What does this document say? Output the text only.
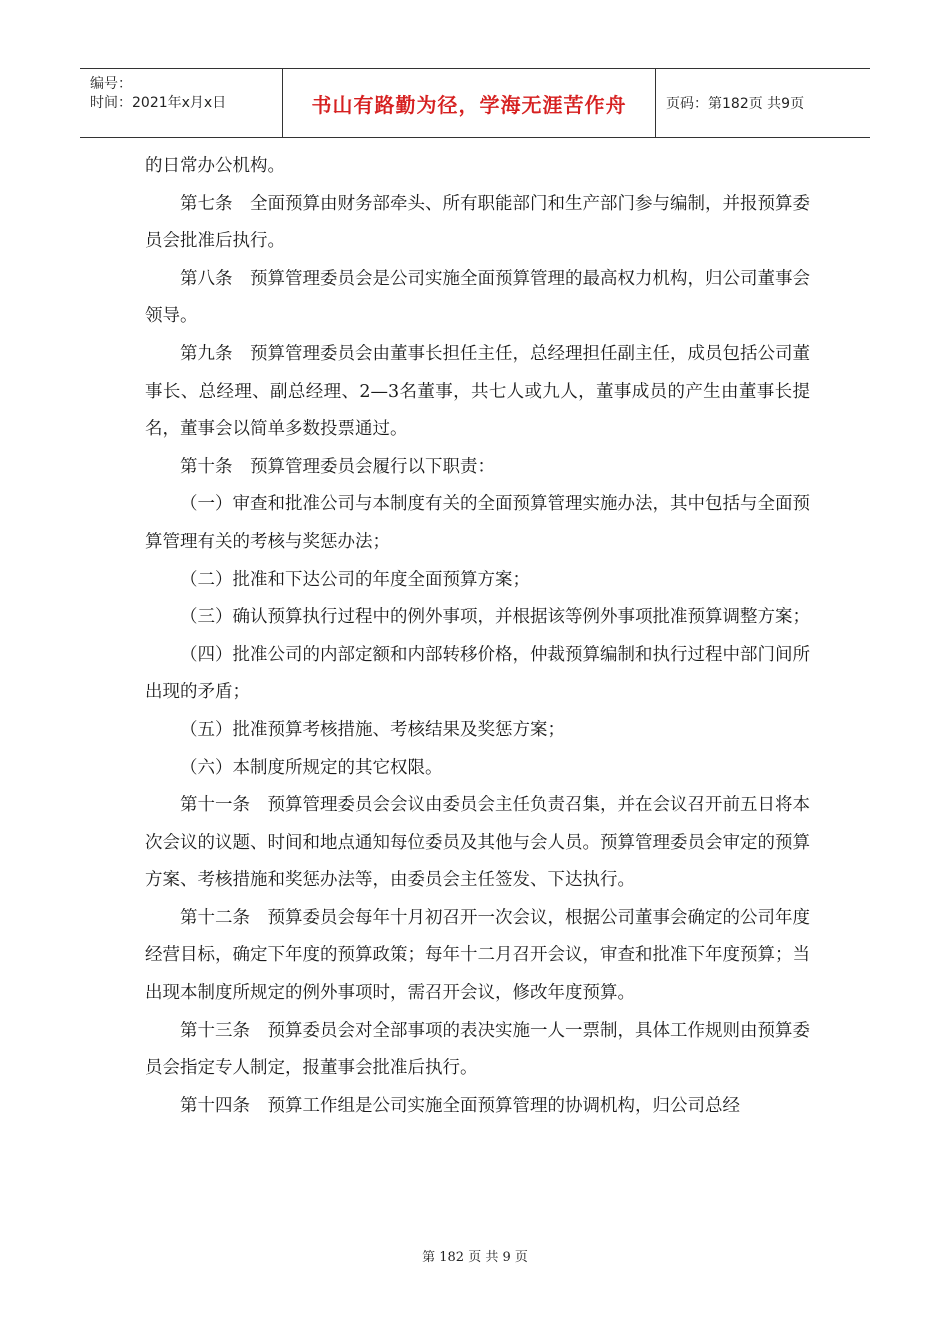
编号：
时间：2021年x月x日	书山有路勤为径，学海无涯苦作舟	页码：第182页 共9页

的日常办公机构。

第七条　全面预算由财务部牵头、所有职能部门和生产部门参与编制，并报预算委员会批准后执行。

第八条　预算管理委员会是公司实施全面预算管理的最高权力机构，归公司董事会领导。

第九条　预算管理委员会由董事长担任主任，总经理担任副主任，成员包括公司董事长、总经理、副总经理、2—3名董事，共七人或九人，董事成员的产生由董事长提名，董事会以简单多数投票通过。

第十条　预算管理委员会履行以下职责：

（一）审查和批准公司与本制度有关的全面预算管理实施办法，其中包括与全面预算管理有关的考核与奖惩办法；

（二）批准和下达公司的年度全面预算方案；

（三）确认预算执行过程中的例外事项，并根据该等例外事项批准预算调整方案；

（四）批准公司的内部定额和内部转移价格，仲裁预算编制和执行过程中部门间所出现的矛盾；

（五）批准预算考核措施、考核结果及奖惩方案；

（六）本制度所规定的其它权限。

第十一条　预算管理委员会会议由委员会主任负责召集，并在会议召开前五日将本次会议的议题、时间和地点通知每位委员及其他与会人员。预算管理委员会审定的预算方案、考核措施和奖惩办法等，由委员会主任签发、下达执行。

第十二条　预算委员会每年十月初召开一次会议，根据公司董事会确定的公司年度经营目标，确定下年度的预算政策；每年十二月召开会议，审查和批准下年度预算；当出现本制度所规定的例外事项时，需召开会议，修改年度预算。

第十三条　预算委员会对全部事项的表决实施一人一票制，具体工作规则由预算委员会指定专人制定，报董事会批准后执行。

第十四条　预算工作组是公司实施全面预算管理的协调机构，归公司总经

第 182 页 共 9 页
